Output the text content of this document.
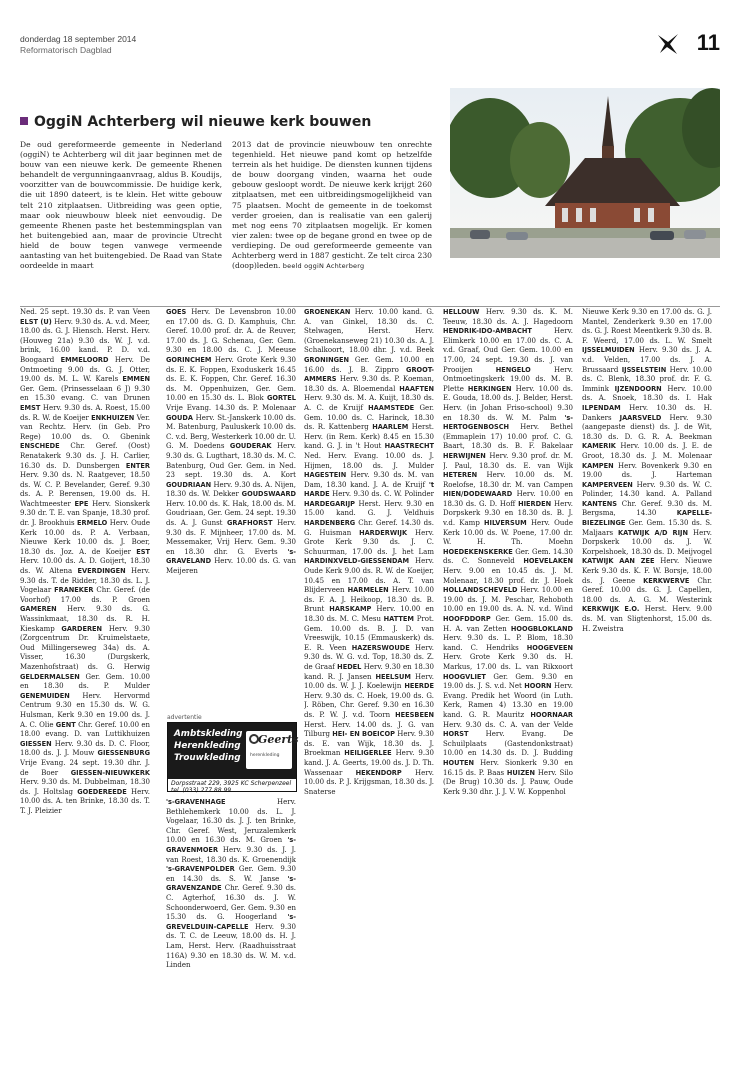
donderdag 18 september 2014
Reformatorisch Dagblad	11
OggiN Achterberg wil nieuwe kerk bouwen
De oud gereformeerde gemeente in Nederland (oggiN) te Achterberg wil dit jaar beginnen met de bouw van een nieuwe kerk. De gemeente Rhenen behandelt de vergunningaanvraag, aldus B. Koudijs, voorzitter van de bouwcommissie. De huidige kerk, die uit 1890 dateert, is te klein. Het witte gebouw telt 210 zitplaatsen. Uitbreiding was geen optie, maar ook nieuwbouw bleek niet eenvoudig. De gemeente Rhenen paste het bestemmingsplan van het buitengebied aan, maar de provincie Utrecht hield de bouw tegen vanwege vermeende aantasting van het buitengebied. De Raad van State oordeelde in maart
2013 dat de provincie nieuwbouw ten onrechte tegenhield. Het nieuwe pand komt op hetzelfde terrein als het huidige. De diensten kunnen tijdens de bouw doorgang vinden, waarna het oude gebouw gesloopt wordt. De nieuwe kerk krijgt 260 zitplaatsen, met een uitbreidingsmogelijkheid van 75 plaatsen. Mocht de gemeente in de toekomst verder groeien, dan is realisatie van een galerij met nog eens 70 zitplaatsen mogelijk. Er komen vier zalen: twee op de begane grond en twee op de verdieping. De oud gereformeerde gemeente van Achterberg werd in 1887 gesticht. Ze telt circa 230 (doop)leden. beeld oggiN Achterberg
Ned. 25 sept. 19.30 ds. P. van Veen ELST (U) Herv. 9.30 ds. A. v.d. Meer, 18.00 ds. G. J. Hiensch. Herst. Herv. (Houweg 21a) 9.30 ds. W. J. v.d. brink, 16.00 kand. P. D. v.d. Boogaard EMMELOORD Herv. De Ontmoeting 9.00 ds. G. J. Otter, 19.00 ds. M. L. W. Karels EMMEN Ger. Gem. (Prinsesselaan 6 J) 9.30 en 15.30 evang. C. van Drunen EMST Herv. 9.30 ds. A. Roest, 15.00 ds. R. W. de Koeijer ENKHUIZEN Ver. van Rechtz. Herv. (in Geb. Pro Rege) 10.00 ds. O. Gbenink ENSCHEDE Chr. Geref. (Oost) Renatakerk 9.30 ds. J. H. Carlier, 16.30 ds. D. Dunsbergen ENTER Herv. 9.30 ds. N. Raatgever, 18.50 ds. W. C. P. Bevelander, Geref. 9.30 ds. A. P. Berensen, 19.00 ds. H. Wachtmeester EPE Herv. Sionskerk 9.30 dr. T. E. van Spanje, 18.30 prof. dr. J. Brookhuis ERMELO Herv. Oude Kerk 10.00 ds. P. A. Verbaan, Nieuwe Kerk 10.00 ds. J. Boer, 18.30 ds. Joz. A. de Koeijer EST Herv. 10.00 ds. A. D. Goijert, 18.30 ds. W. Altena EVERDINGEN Herv. 9.30 ds. T. de Ridder, 18.30 ds. L. J. Vogelaar FRANEKER Chr. Geref. (de Voorhof) 17.00 ds. P. Groen GAMEREN Herv. 9.30 ds. G. Wassinkmaat, 18.30 ds. R. H. Kieskamp GARDEREN Herv. 9.30 (Zorgcentrum Dr. Kruimelstaete, Oud Millingerseweg 34a) ds. A. Visser, 16.30 (Durgskerk, Mazenhofstraat) ds. G. Herwig GELDERMALSEN Ger. Gem. 10.00 en 18.30 ds. P. Mulder GENEMUIDEN Herv. Hervormd Centrum 9.30 en 15.30 ds. W. G. Hulsman, Kerk 9.30 en 19.00 ds. J. A. C. Olie GENT Chr. Geref. 10.00 en 18.00 evang. D. van Luttikhuizen GIESSEN Herv. 9.30 ds. D. C. Floor, 18.00 ds. J. J. Mouw GIESSENBURG Vrije Evang. 24 sept. 19.30 dhr. J. de Boer GIESSEN-NIEUWKERK Herv. 9.30 ds. M. Dubbelman, 18.30 ds. J. Holtslag GOEDEREEDE Herv. 10.00 ds. A. ten Brinke, 18.30 ds. T. T. J. Pleizier
GOES Herv. De Levensbron 10.00 en 17.00 ds. G. D. Kamphuis, Chr. Geref. 10.00 prof. dr. A. de Reuver, 17.00 ds. J. G. Schenau, Ger. Gem. 9.30 en 18.00 ds. C. J. Meeuse GORINCHEM Herv. Grote Kerk 9.30 ds. E. K. Foppen, Exoduskerk 16.45 ds. E. K. Foppen, Chr. Geref. 16.30 ds. M. Oppenhuizen, Ger. Gem. 10.00 en 15.30 ds. L. Blok GORTEL Vrije Evang. 14.30 ds. P. Molenaar GOUDA Herv. St.-Janskerk 10.00 ds. M. Batenburg, Pauluskerk 10.00 ds. C. v.d. Berg, Westerkerk 10.00 dr. U. G. M. Doedens GOUDERAK Herv. 9.30 ds. G. Lugthart, 18.30 ds. M. C. Batenburg, Oud Ger. Gem. in Ned. 23 sept. 19.30 ds. A. Kort GOUDRIAAN Herv. 9.30 ds. A. Nijen, 18.30 ds. W. Dekker GOUDSWAARD Herv. 10.00 ds. K. Hak, 18.00 ds. M. Goudriaan, Ger. Gem. 24 sept. 19.30 ds. A. J. Gunst GRAFHORST Herv. 9.30 ds. F. Mijnheer, 17.00 ds. M. Messemaker, Vrij Herv. Gem. 9.30 en 18.30 dhr. G. Everts 's-GRAVELAND Herv. 10.00 ds. G. van Meijeren
's-GRAVENHAGE Herv. Bethlehemkerk 10.00 ds. L. J. Vogelaar, 16.30 ds. J. J. ten Brinke, Chr. Geref. West, Jeruzalemkerk 10.00 en 16.30 ds. M. Groen 's-GRAVENMOER Herv. 9.30 ds. J. J. van Roest, 18.30 ds. K. Groenendijk 's-GRAVENPOLDER Ger. Gem. 9.30 en 14.30 ds. S. W. Janse 's-GRAVENZANDE Chr. Geref. 9.30 ds. C. Agterhof, 16.30 ds. J. W. Schoonderwoerd, Ger. Gem. 9.30 en 15.30 ds. G. Hoogerland 's-GREVELDUIN-CAPELLE Herv. 9.30 ds. T. C. de Leeuw, 18.00 ds. H. J. Lam, Herst. Herv. (Raadhuisstraat 116A) 9.30 en 18.30 ds. W. M. v.d. Linden
GROENEKAN Herv. 10.00 kand. G. A. van Ginkel, 18.30 ds. C. Stelwagen, Herst. Herv. (Groenekanseweg 21) 10.30 ds. A. J. Schalkoort, 18.00 dhr. J. v.d. Beek GRONINGEN Ger. Gem. 10.00 en 16.00 ds. J. B. Zippro GROOT-AMMERS Herv. 9.30 ds. P. Koeman, 18.30 ds. A. Bloemendal HAAFTEN Herv. 9.30 ds. M. A. Kuijt, 18.30 ds. A. C. de Kruijf HAAMSTEDE Ger. Gem. 10.00 ds. C. Harinck, 18.30 ds. R. Kattenberg HAARLEM Herst. Herv. (in Rem. Kerk) 8.45 en 15.30 kand. G. J. in 't Hout HAASTRECHT Ned. Herv. Evang. 10.00 ds. J. Hijmen, 18.00 ds. J. Mulder HAGESTEIN Herv. 9.30 ds. M. van Dam, 18.30 kand. J. A. de Kruijf 't HARDE Herv. 9.30 ds. C. W. Polinder HARDEGARIJP Herst. Herv. 9.30 en 15.00 kand. G. J. Veldhuis HARDENBERG Chr. Geref. 14.30 ds. G. Huisman HARDERWIJK Herv. Grote Kerk 9.30 ds. J. C. Schuurman, 17.00 ds. J. het Lam HARDINXVELD-GIESSENDAM Herv. Oude Kerk 9.00 ds. R. W. de Koeijer, 10.45 en 17.00 ds. A. T. van Blijderveen HARMELEN Herv. 10.00 ds. F. A. J. Heikoop, 18.30 ds. B. Brunt HARSKAMP Herv. 10.00 en 18.30 ds. M. C. Mesu HATTEM Prot. Gem. 10.00 ds. B. J. D. van Vreeswijk, 10.15 (Emmauskerk) ds. E. R. Veen HAZERSWOUDE Herv. 9.30 ds. W. G. v.d. Top, 18.30 ds. Z. de Graaf HEDEL Herv. 9.30 en 18.30 kand. R. J. Jansen HEELSUM Herv. 10.00 ds. W. J. J. Koelewijn HEERDE Herv. 9.30 ds. C. Hoek, 19.00 ds. G. J. Röben, Chr. Geref. 9.30 en 16.30 ds. P. W. J. v.d. Toorn HEESBEEN Herst. Herv. 14.00 ds. J. G. van Tilburg HEI- EN BOEICOP Herv. 9.30 ds. E. van Wijk, 18.30 ds. J. Broekman HEILIGERLEE Herv. 9.30 kand. J. A. Geerts, 19.00 ds. J. D. Th. Wassenaar HEKENDORP Herv. 10.00 ds. P. J. Krijgsman, 18.30 ds. J. Snaterse
HELLOUW Herv. 9.30 ds. K. M. Teeuw, 18.30 ds. A. J. Hagedoorn HENDRIK-IDO-AMBACHT Herv. Elimkerk 10.00 en 17.00 ds. C. A. v.d. Graaf, Oud Ger. Gem. 10.00 en 17.00, 24 sept. 19.30 ds. J. van Prooijen HENGELO Herv. Ontmoetingskerk 19.00 ds. M. B. Plette HERKINGEN Herv. 10.00 ds. E. Gouda, 18.00 ds. J. Belder, Herst. Herv. (in Johan Friso-school) 9.30 en 18.30 ds. W. M. Palm 's-HERTOGENBOSCH Herv. Bethel (Emmaplein 17) 10.00 prof. C. G. Baart, 18.30 ds. B. F. Bakelaar HERWIJNEN Herv. 9.30 prof. dr. M. J. Paul, 18.30 ds. E. van Wijk HETEREN Herv. 10.00 ds. M. Roelofse, 18.30 dr. M. van Campen HIEN/DODEWAARD Herv. 10.00 en 18.30 ds. G. D. Hoff HIERDEN Herv. Dorpskerk 9.30 en 18.30 ds. B. J. v.d. Kamp HILVERSUM Herv. Oude Kerk 10.00 ds. W. Poene, 17.00 dr. W. H. Th. Moehn HOEDEKENSKERKE Ger. Gem. 14.30 ds. C. Sonneveld HOEVELAKEN Herv. 9.00 en 10.45 ds. J. M. Molenaar, 18.30 prof. dr. J. Hoek HOLLANDSCHEVELD Herv. 10.00 en 19.00 ds. J. M. Peschar, Rehoboth 10.00 en 19.00 ds. A. N. v.d. Wind HOOFDDORP Ger. Gem. 15.00 ds. H. A. van Zetten HOOGBLOKLAND Herv. 9.30 ds. L. P. Blom, 18.30 kand. C. Hendriks HOOGEVEEN Herv. Grote Kerk 9.30 ds. H. Markus, 17.00 ds. L. van Rikxoort HOOGVLIET Ger. Gem. 9.30 en 19.00 ds. J. S. v.d. Net HOORN Herv. Evang. Predik het Woord (in Luth. Kerk, Ramen 4) 13.30 en 19.00 kand. G. R. Mauritz HOORNAAR Herv. 9.30 ds. C. A. van der Velde HORST Herv. Evang. De Schuilplaats (Gastendonkstraat) 10.00 en 14.30 ds. D. J. Budding HOUTEN Herv. Sionkerk 9.30 en 16.15 ds. P. Baas HUIZEN Herv. Silo (De Brug) 10.30 ds. J. Pauw, Oude Kerk 9.30 dhr. J. J. V. W. Koppenhol
Nieuwe Kerk 9.30 en 17.00 ds. G. J. Mantel, Zenderkerk 9.30 en 17.00 ds. G. J. Roest Meentkerk 9.30 ds. B. F. Weerd, 17.00 ds. L. W. Smelt IJSSELMUIDEN Herv. 9.30 ds. J. A. v.d. Velden, 17.00 ds. J. A. Brussaard IJSSELSTEIN Herv. 10.00 ds. C. Blenk, 18.30 prof. dr. F. G. Immink IJZENDOORN Herv. 10.00 ds. A. Snoek, 18.30 ds. I. Hak ILPENDAM Herv. 10.30 ds. H. Dankers JAARSVELD Herv. 9.30 (aangepaste dienst) ds. J. de Wit, 18.30 ds. D. G. R. A. Beekman KAMERIK Herv. 10.00 ds. J. E. de Groot, 18.30 ds. J. M. Molenaar KAMPEN Herv. Bovenkerk 9.30 en 19.00 ds. J. Harteman KAMPERVEEN Herv. 9.30 ds. W. C. Polinder, 14.30 kand. A. Palland KANTENS Chr. Geref. 9.30 ds. M. Bergsma, 14.30 KAPELLE-BIEZELINGE Ger. Gem. 15.30 ds. S. Maljaars KATWIJK A/D RIJN Herv. Dorpskerk 10.00 ds. J. W. Korpelshoek, 18.30 ds. D. Meijvogel KATWIJK AAN ZEE Herv. Nieuwe Kerk 9.30 ds. K. F. W. Borsje, 18.00 ds. J. Geene KERKWERVE Chr. Geref. 10.00 ds. G. J. Capellen, 18.00 ds. A. G. M. Westerink KERKWIJK E.O. Herst. Herv. 9.00 ds. M. van Sligtenhorst, 15.00 ds. H. Zweistra
advertentie
Ambtskleding
Herenkleding
Trouwkleding
Geerts
herenkleding
Dorpsstraat 229, 3925 KC Scherpenzeel
tel. (033) 277 88 99
